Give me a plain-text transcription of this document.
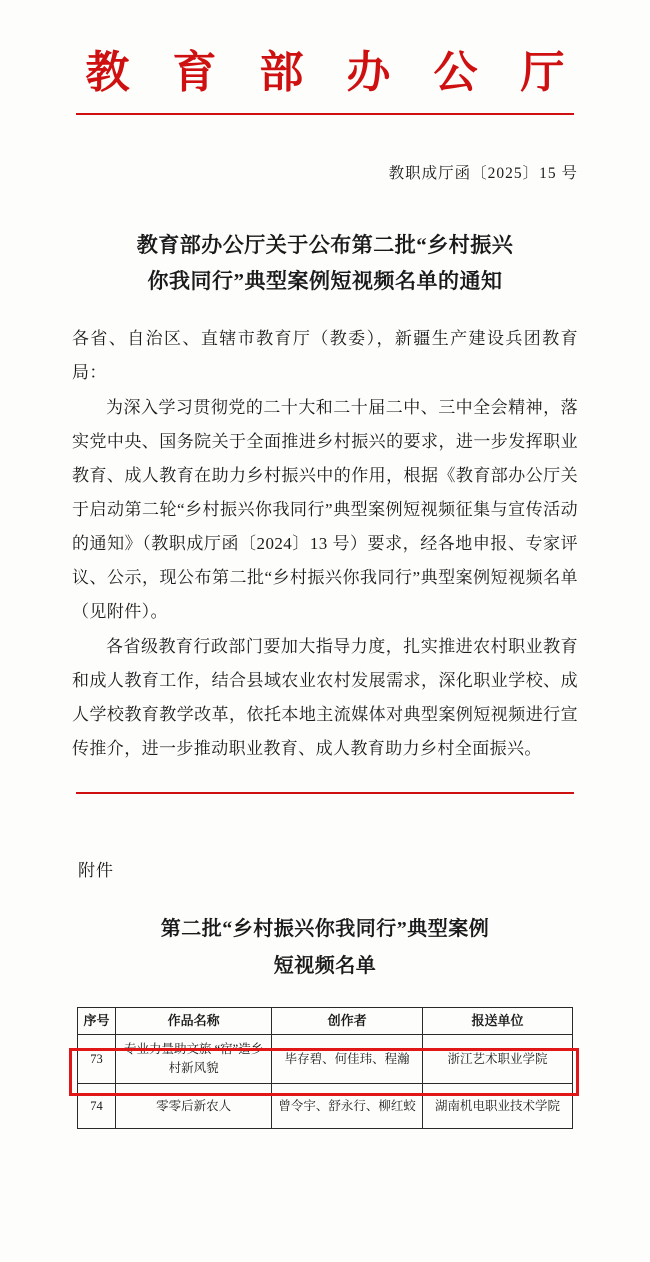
教 育 部 办 公 厅
教职成厅函〔2025〕15 号
教育部办公厅关于公布第二批“乡村振兴
你我同行”典型案例短视频名单的通知

各省、自治区、直辖市教育厅（教委），新疆生产建设兵团教育局：

为深入学习贯彻党的二十大和二十届二中、三中全会精神，落实党中央、国务院关于全面推进乡村振兴的要求，进一步发挥职业教育、成人教育在助力乡村振兴中的作用，根据《教育部办公厅关于启动第二轮“乡村振兴你我同行”典型案例短视频征集与宣传活动的通知》（教职成厅函〔2024〕13 号）要求，经各地申报、专家评议、公示，现公布第二批“乡村振兴你我同行”典型案例短视频名单（见附件）。

各省级教育行政部门要加大指导力度，扎实推进农村职业教育和成人教育工作，结合县域农业农村发展需求，深化职业学校、成人学校教育教学改革，依托本地主流媒体对典型案例短视频进行宣传推介，进一步推动职业教育、成人教育助力乡村全面振兴。

附件
第二批“乡村振兴你我同行”典型案例
短视频名单
序号	作品名称	创作者	报送单位
73	专业力量助文旅 “宿”造乡村新风貌	毕存碧、何佳玮、程瀚	浙江艺术职业学院
74	零零后新农人	曾令宇、舒永行、柳红蛟	湖南机电职业技术学院
